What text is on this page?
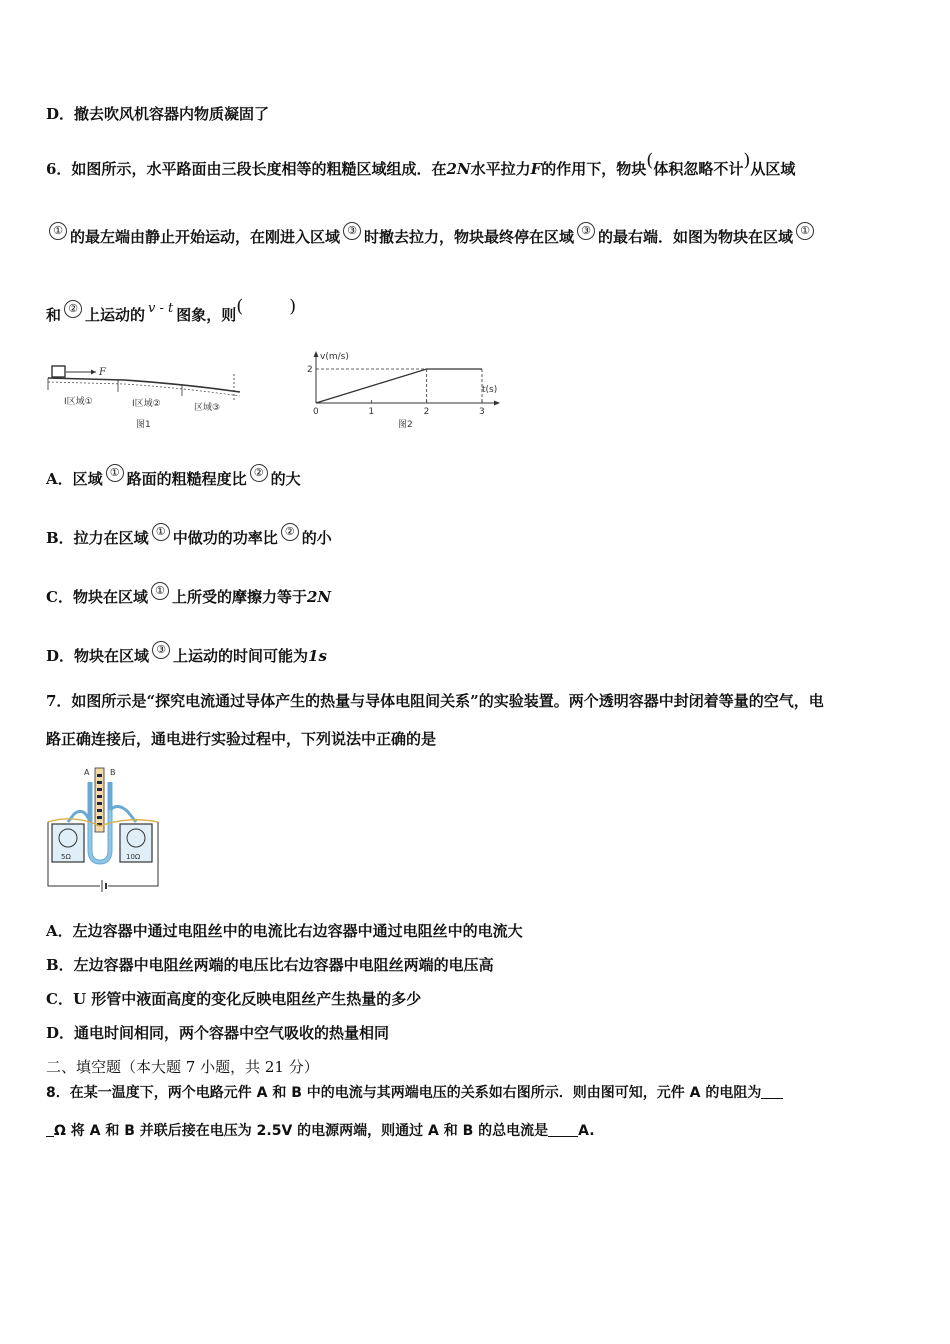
D．撤去吹风机容器内物质凝固了
6．如图所示，水平路面由三段长度相等的粗糙区域组成．在2N水平拉力F的作用下，物块(体积忽略不计)从区域
① 的最左端由静止开始运动，在刚进入区域 ③ 时撤去拉力，物块最终停在区域 ③ 的最右端．如图为物块在区域 ①
和 ② 上运动的 v - t 图象，则(        )
F
I区域①	I区域②	区域③
图1
v(m/s)
t(s)
图2
0	1	2	3
2
A．区域 ① 路面的粗糙程度比 ② 的大
B．拉力在区域 ① 中做功的功率比 ② 的小
C．物块在区域 ① 上所受的摩擦力等于2N
D．物块在区域 ③ 上运动的时间可能为1s
7．如图所示是“探究电流通过导体产生的热量与导体电阻间关系”的实验装置。两个透明容器中封闭着等量的空气，电
路正确连接后，通电进行实验过程中，下列说法中正确的是
A	B
5Ω	10Ω
A．左边容器中通过电阻丝中的电流比右边容器中通过电阻丝中的电流大
B．左边容器中电阻丝两端的电压比右边容器中电阻丝两端的电压高
C．U 形管中液面高度的变化反映电阻丝产生热量的多少
D．通电时间相同，两个容器中空气吸收的热量相同
二、填空题（本大题 7 小题，共 21 分）
8．在某一温度下，两个电路元件 A 和 B 中的电流与其两端电压的关系如右图所示．则由图可知，元件 A 的电阻为
Ω 将 A 和 B 并联后接在电压为 2.5V 的电源两端，则通过 A 和 B 的总电流是 A.
